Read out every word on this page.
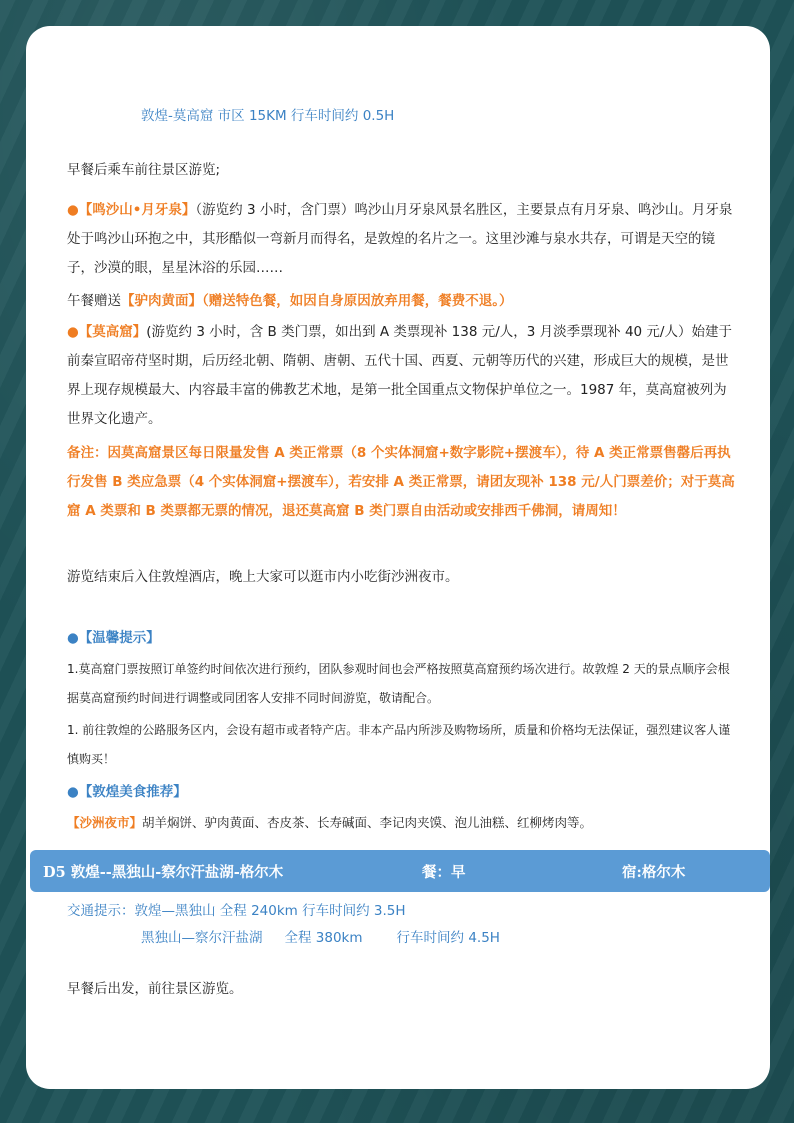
敦煌-莫高窟 市区 15KM 行车时间约 0.5H
早餐后乘车前往景区游览;
●【鸣沙山•月牙泉】（游览约 3 小时，含门票）鸣沙山月牙泉风景名胜区，主要景点有月牙泉、鸣沙山。月牙泉处于鸣沙山环抱之中，其形酷似一弯新月而得名，是敦煌的名片之一。这里沙滩与泉水共存，可谓是天空的镜子，沙漠的眼，星星沐浴的乐园……
午餐赠送【驴肉黄面】（赠送特色餐，如因自身原因放弃用餐，餐费不退。）
●【莫高窟】(游览约 3 小时，含 B 类门票，如出到 A 类票现补 138 元/人，3 月淡季票现补 40 元/人）始建于前秦宣昭帝苻坚时期，后历经北朝、隋朝、唐朝、五代十国、西夏、元朝等历代的兴建，形成巨大的规模，是世界上现存规模最大、内容最丰富的佛教艺术地，是第一批全国重点文物保护单位之一。1987 年，莫高窟被列为世界文化遗产。
备注：因莫高窟景区每日限量发售 A 类正常票（8 个实体洞窟+数字影院+摆渡车），待 A 类正常票售罄后再执行发售 B 类应急票（4 个实体洞窟+摆渡车），若安排 A 类正常票，请团友现补 138 元/人门票差价；对于莫高窟 A 类票和 B 类票都无票的情况，退还莫高窟 B 类门票自由活动或安排西千佛洞，请周知！
游览结束后入住敦煌酒店，晚上大家可以逛市内小吃街沙洲夜市。
●【温馨提示】
1.莫高窟门票按照订单签约时间依次进行预约，团队参观时间也会严格按照莫高窟预约场次进行。故敦煌 2 天的景点顺序会根据莫高窟预约时间进行调整或同团客人安排不同时间游览，敬请配合。
1. 前往敦煌的公路服务区内，会设有超市或者特产店。非本产品内所涉及购物场所，质量和价格均无法保证，强烈建议客人谨慎购买！
●【敦煌美食推荐】
【沙洲夜市】胡羊焖饼、驴肉黄面、杏皮茶、长寿碱面、李记肉夹馍、泡儿油糕、红柳烤肉等。
D5 敦煌--黑独山-察尔汗盐湖-格尔木	餐：早	宿:格尔木
交通提示：敦煌—黑独山 全程 240km 行车时间约 3.5H
黑独山—察尔汗盐湖 全程 380km	行车时间约 4.5H
早餐后出发，前往景区游览。
